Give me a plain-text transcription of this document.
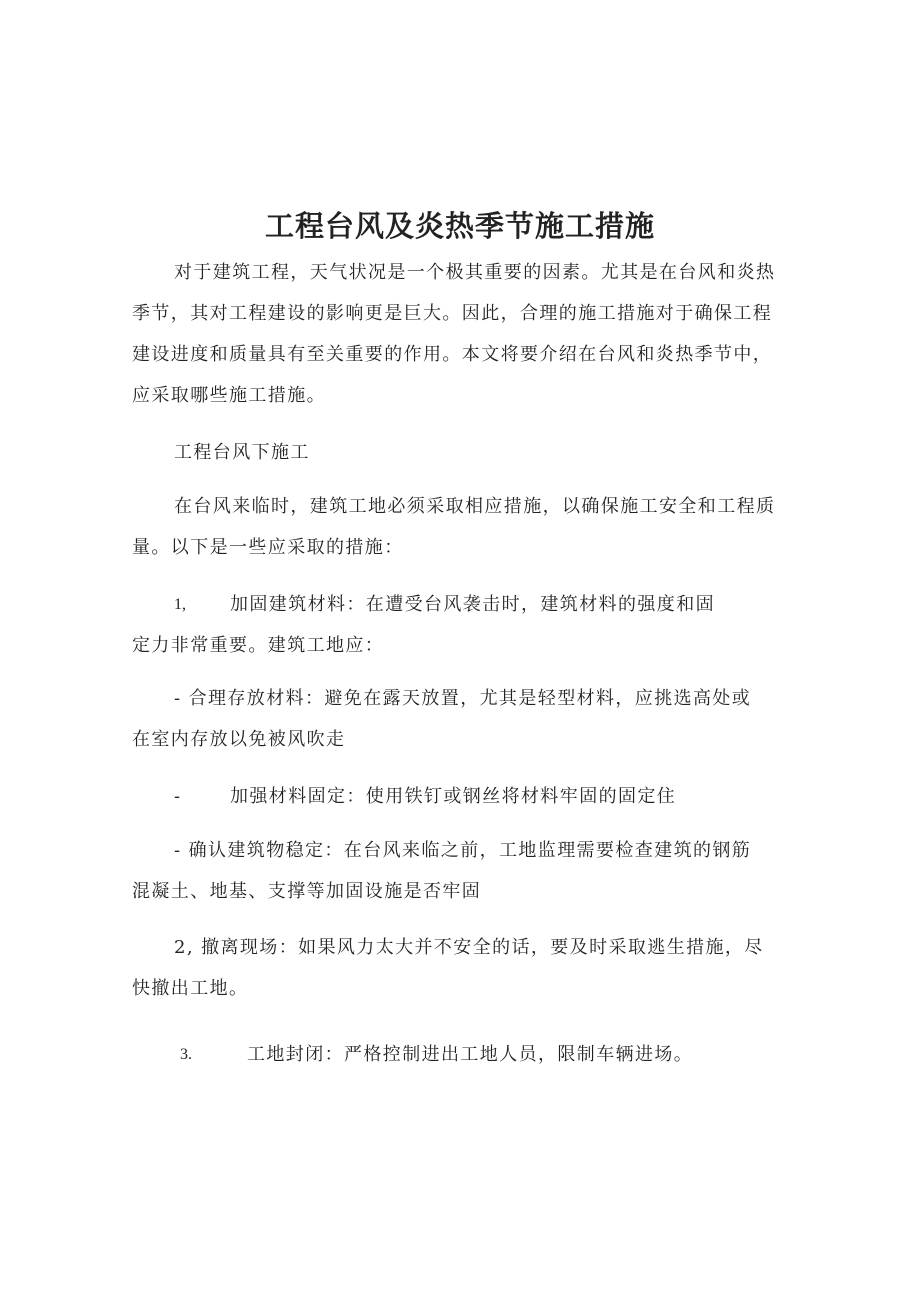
工程台风及炎热季节施工措施
对于建筑工程，天气状况是一个极其重要的因素。尤其是在台风和炎热
季节，其对工程建设的影响更是巨大。因此，合理的施工措施对于确保工程
建设进度和质量具有至关重要的作用。本文将要介绍在台风和炎热季节中，
应采取哪些施工措施。
工程台风下施工
在台风来临时，建筑工地必须采取相应措施，以确保施工安全和工程质
量。以下是一些应采取的措施：
1, 加固建筑材料：在遭受台风袭击时，建筑材料的强度和固
定力非常重要。建筑工地应：
- 合理存放材料：避免在露天放置，尤其是轻型材料，应挑选高处或
在室内存放以免被风吹走
-	加强材料固定：使用铁钉或钢丝将材料牢固的固定住
- 确认建筑物稳定：在台风来临之前，工地监理需要检查建筑的钢筋
混凝土、地基、支撑等加固设施是否牢固
2, 撤离现场：如果风力太大并不安全的话，要及时采取逃生措施，尽
快撤出工地。
3.	工地封闭：严格控制进出工地人员，限制车辆进场。
